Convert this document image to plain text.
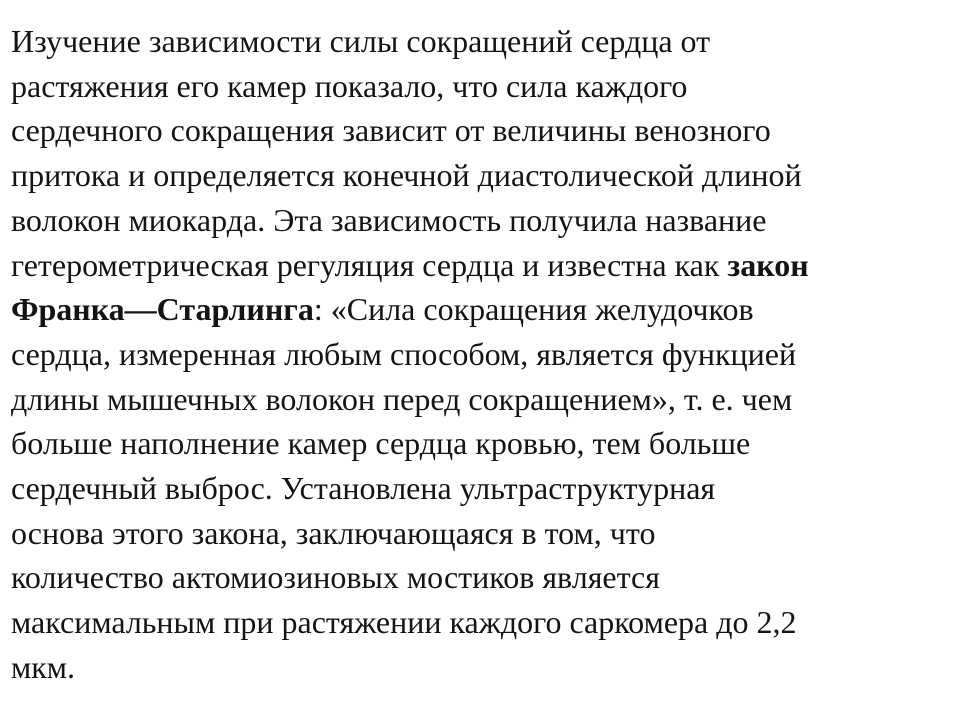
Изучение зависимости силы сокращений сердца от
растяжения его камер показало, что сила каждого
сердечного сокращения зависит от величины венозного
притока и определяется конечной диастолической длиной
волокон миокарда. Эта зависимость получила название
гетерометрическая регуляция сердца и известна как закон
Франка—Старлинга: «Сила сокращения желудочков
сердца, измеренная любым способом, является функцией
длины мышечных волокон перед сокращением», т. е. чем
больше наполнение камер сердца кровью, тем больше
сердечный выброс. Установлена ультраструктурная
основа этого закона, заключающаяся в том, что
количество актомиозиновых мостиков является
максимальным при растяжении каждого саркомера до 2,2
мкм.
